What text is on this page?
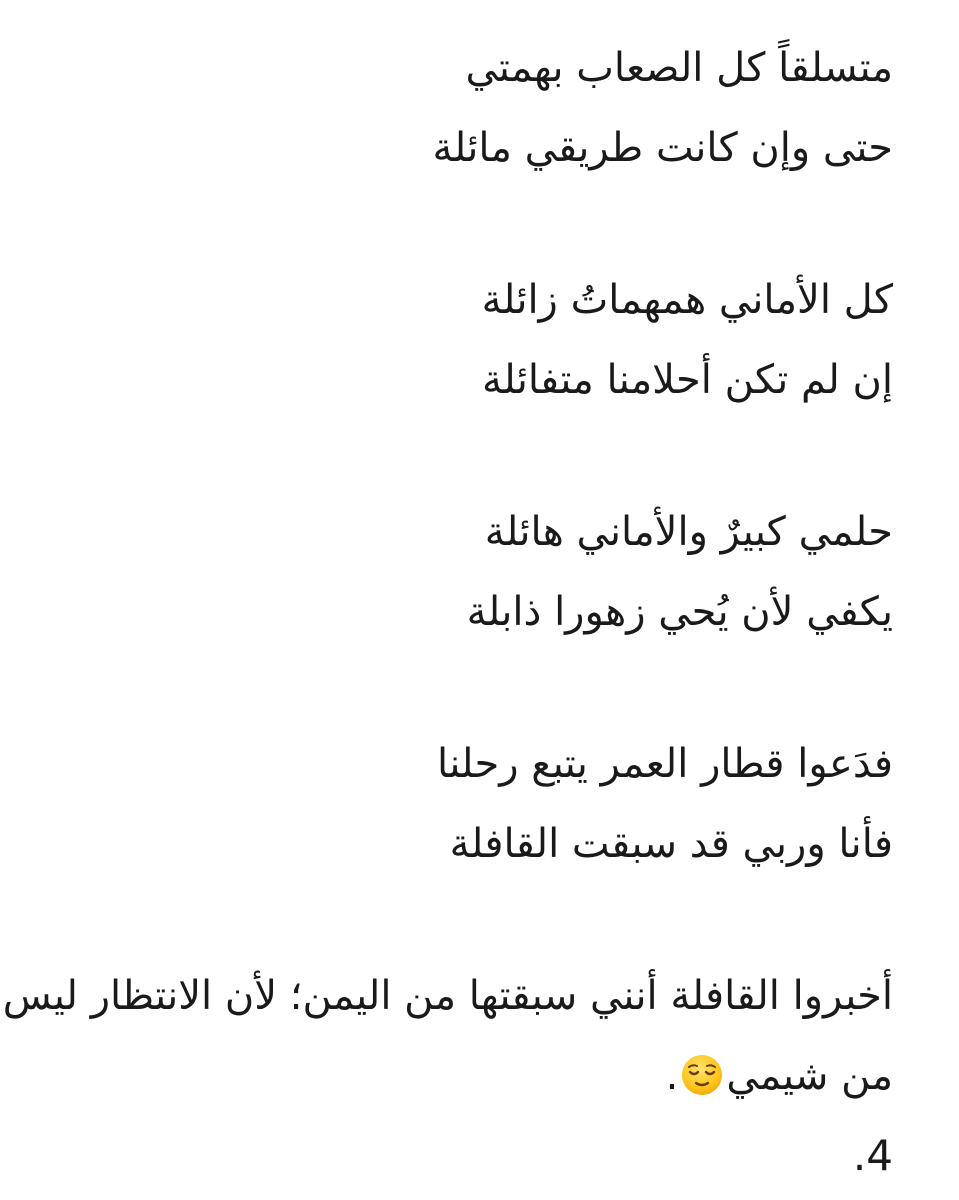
متسلقاً كل الصعاب بهمتي
حتى وإن كانت طريقي مائلة
كل الأماني همهماتُ زائلة
إن لم تكن أحلامنا متفائلة
حلمي كبيرٌ والأماني هائلة
يكفي لأن يُحي زهورا ذابلة
فدَعوا قطار العمر يتبع رحلنا
فأنا وربي قد سبقت القافلة
أخبروا القافلة أنني سبقتها من اليمن؛ لأن الانتظار ليس
من شيمي.
.4
